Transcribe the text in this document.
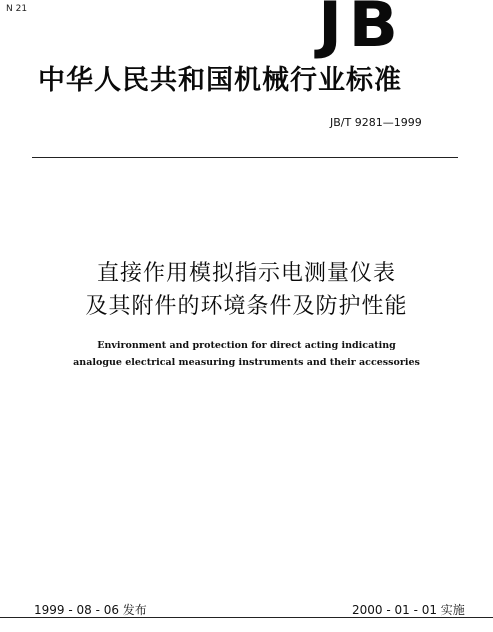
N 21	JB
中华人民共和国机械行业标准
JB/T 9281—1999
直接作用模拟指示电测量仪表
及其附件的环境条件及防护性能
Environment and protection for direct acting indicating
analogue electrical measuring instruments and their accessories
1999 - 08 - 06 发布	2000 - 01 - 01 实施
